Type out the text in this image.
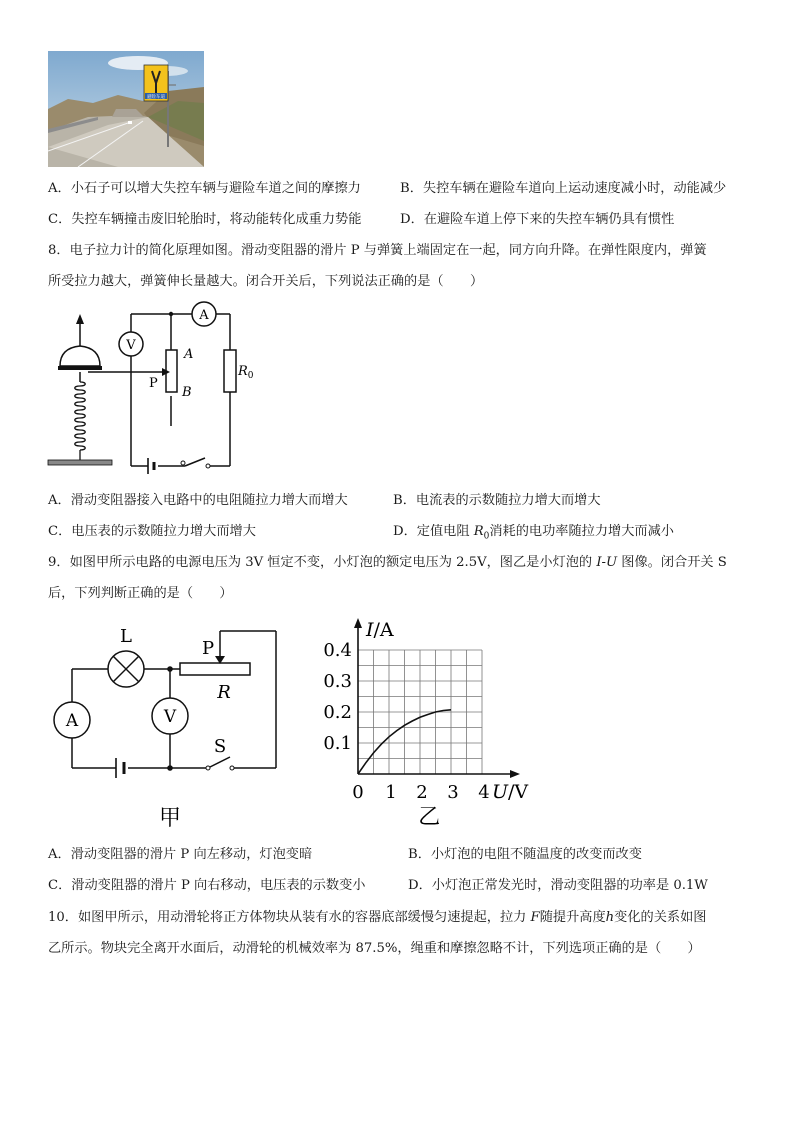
避险车道
A．小石子可以增大失控车辆与避险车道之间的摩擦力	B．失控车辆在避险车道向上运动速度减小时，动能减少
C．失控车辆撞击废旧轮胎时，将动能转化成重力势能	D．在避险车道上停下来的失控车辆仍具有惯性
8．电子拉力计的简化原理如图。滑动变阻器的滑片 P 与弹簧上端固定在一起，同方向升降。在弹性限度内，弹簧
所受拉力越大，弹簧伸长量越大。闭合开关后，下列说法正确的是（　　）
V
A
A
B
P
$R_0$
A．滑动变阻器接入电路中的电阻随拉力增大而增大	B．电流表的示数随拉力增大而增大
C．电压表的示数随拉力增大而增大	D．定值电阻 $R_0$消耗的电功率随拉力增大而减小
9．如图甲所示电路的电源电压为 3V 恒定不变，小灯泡的额定电压为 2.5V，图乙是小灯泡的 I-U 图像。闭合开关 S
后，下列判断正确的是（　　）
L
P
R
A	V
S
甲
0 1 2 3 4
0.1
0.2
0.3
0.4
I/A
U/V
乙
A．滑动变阻器的滑片 P 向左移动，灯泡变暗	B．小灯泡的电阻不随温度的改变而改变
C．滑动变阻器的滑片 P 向右移动，电压表的示数变小	D．小灯泡正常发光时，滑动变阻器的功率是 0.1W
10．如图甲所示，用动滑轮将正方体物块从装有水的容器底部缓慢匀速提起，拉力 F随提升高度h变化的关系如图
乙所示。物块完全离开水面后，动滑轮的机械效率为 87.5%，绳重和摩擦忽略不计，下列选项正确的是（　　）
